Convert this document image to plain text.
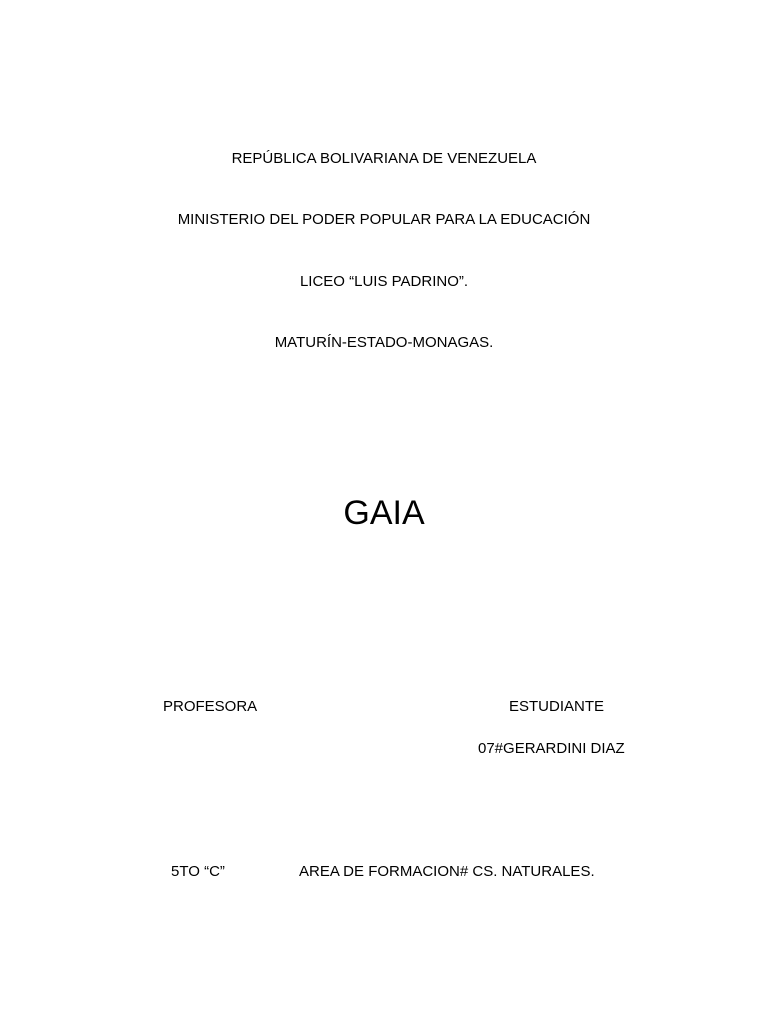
REPÚBLICA BOLIVARIANA DE VENEZUELA
MINISTERIO DEL PODER POPULAR PARA LA EDUCACIÓN
LICEO “LUIS PADRINO”.
MATURÍN-ESTADO-MONAGAS.
GAIA
PROFESORA	ESTUDIANTE
07#GERARDINI DIAZ
5TO “C”	AREA DE FORMACION# CS. NATURALES.
